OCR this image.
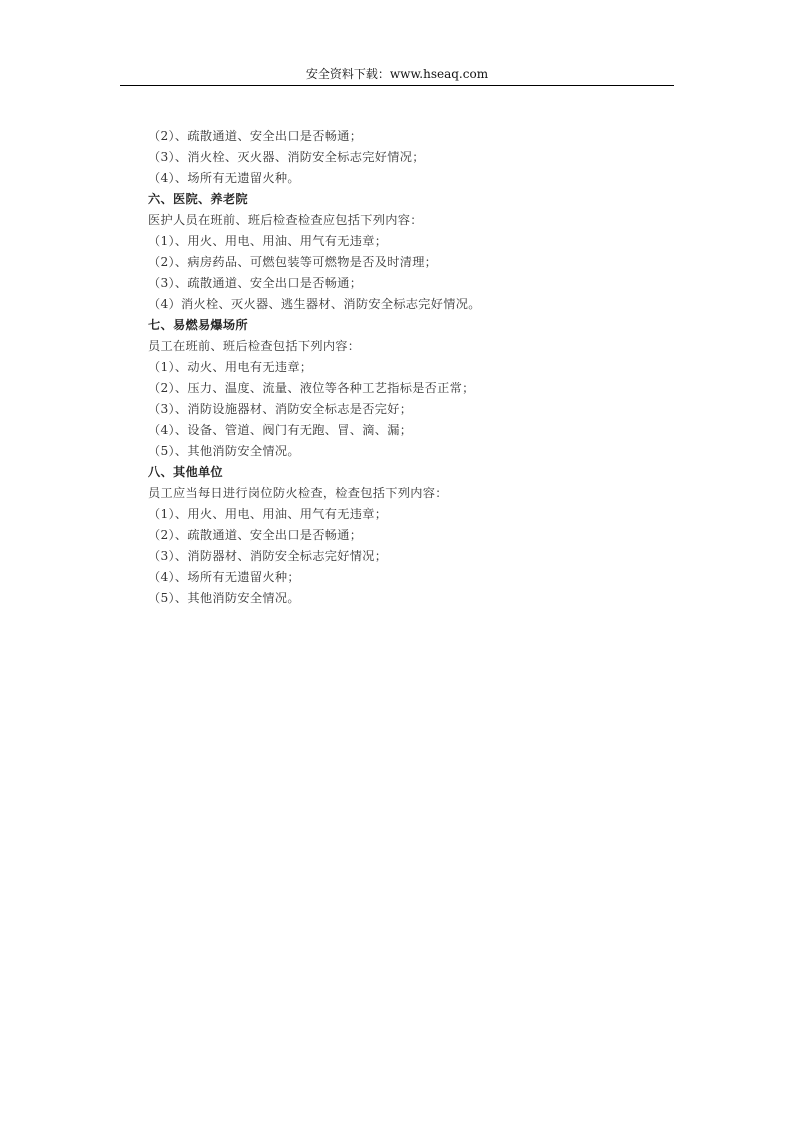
安全资料下载：www.hseaq.com
（2）、疏散通道、安全出口是否畅通；
（3）、消火栓、灭火器、消防安全标志完好情况；
（4）、场所有无遗留火种。
六、医院、养老院
医护人员在班前、班后检查检查应包括下列内容：
（1）、用火、用电、用油、用气有无违章；
（2）、病房药品、可燃包装等可燃物是否及时清理；
（3）、疏散通道、安全出口是否畅通；
（4）消火栓、灭火器、逃生器材、消防安全标志完好情况。
七、易燃易爆场所
员工在班前、班后检查包括下列内容：
（1）、动火、用电有无违章；
（2）、压力、温度、流量、液位等各种工艺指标是否正常；
（3）、消防设施器材、消防安全标志是否完好；
（4）、设备、管道、阀门有无跑、冒、滴、漏；
（5）、其他消防安全情况。
八、其他单位
员工应当每日进行岗位防火检查，检查包括下列内容：
（1）、用火、用电、用油、用气有无违章；
（2）、疏散通道、安全出口是否畅通；
（3）、消防器材、消防安全标志完好情况；
（4）、场所有无遗留火种；
（5）、其他消防安全情况。
